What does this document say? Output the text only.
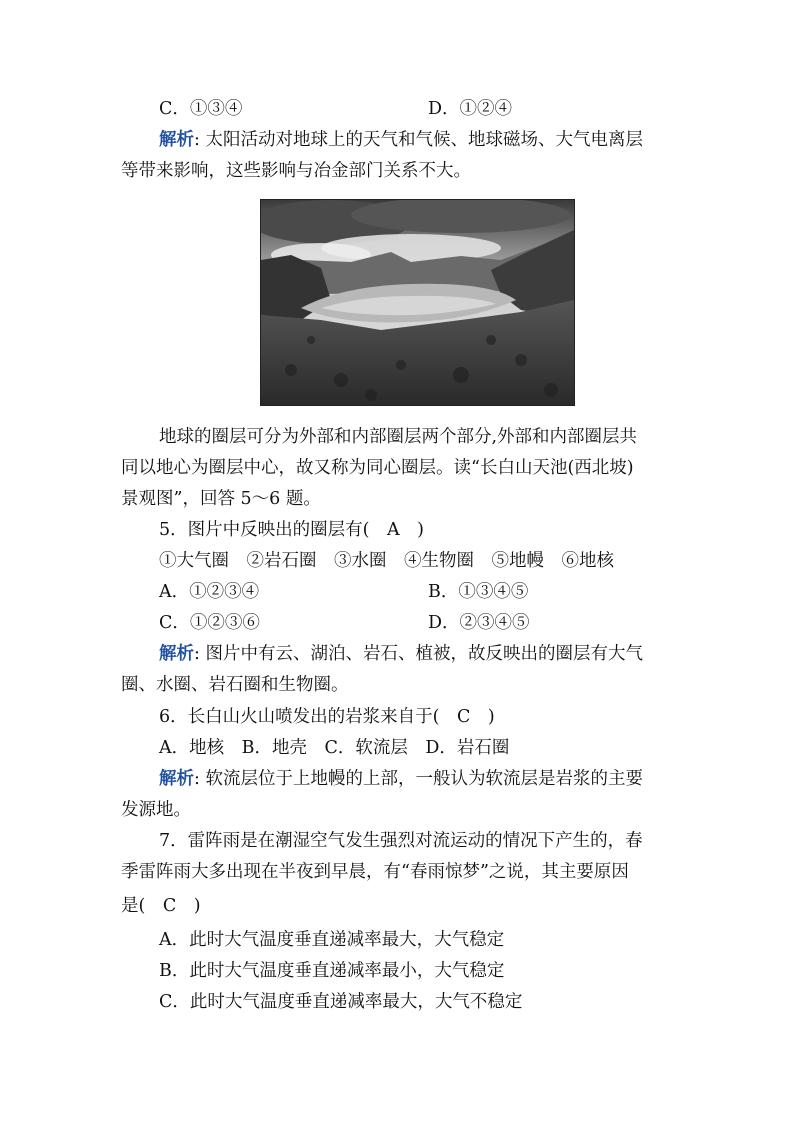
C．①③④	D．①②④
解析: 太阳活动对地球上的天气和气候、地球磁场、大气电离层
等带来影响，这些影响与冶金部门关系不大。
地球的圈层可分为外部和内部圈层两个部分,外部和内部圈层共
同以地心为圈层中心，故又称为同心圈层。读“长白山天池(西北坡)
景观图”，回答 5～6 题。
5．图片中反映出的圈层有(　A　)
①大气圈　②岩石圈　③水圈　④生物圈　⑤地幔　⑥地核
A．①②③④	B．①③④⑤
C．①②③⑥	D．②③④⑤
解析: 图片中有云、湖泊、岩石、植被，故反映出的圈层有大气
圈、水圈、岩石圈和生物圈。
6．长白山火山喷发出的岩浆来自于(　C　)
A．地核　B．地壳　C．软流层　D．岩石圈
解析: 软流层位于上地幔的上部，一般认为软流层是岩浆的主要
发源地。
7．雷阵雨是在潮湿空气发生强烈对流运动的情况下产生的，春
季雷阵雨大多出现在半夜到早晨，有“春雨惊梦”之说，其主要原因
是(　C　)
A．此时大气温度垂直递减率最大，大气稳定
B．此时大气温度垂直递减率最小，大气稳定
C．此时大气温度垂直递减率最大，大气不稳定
